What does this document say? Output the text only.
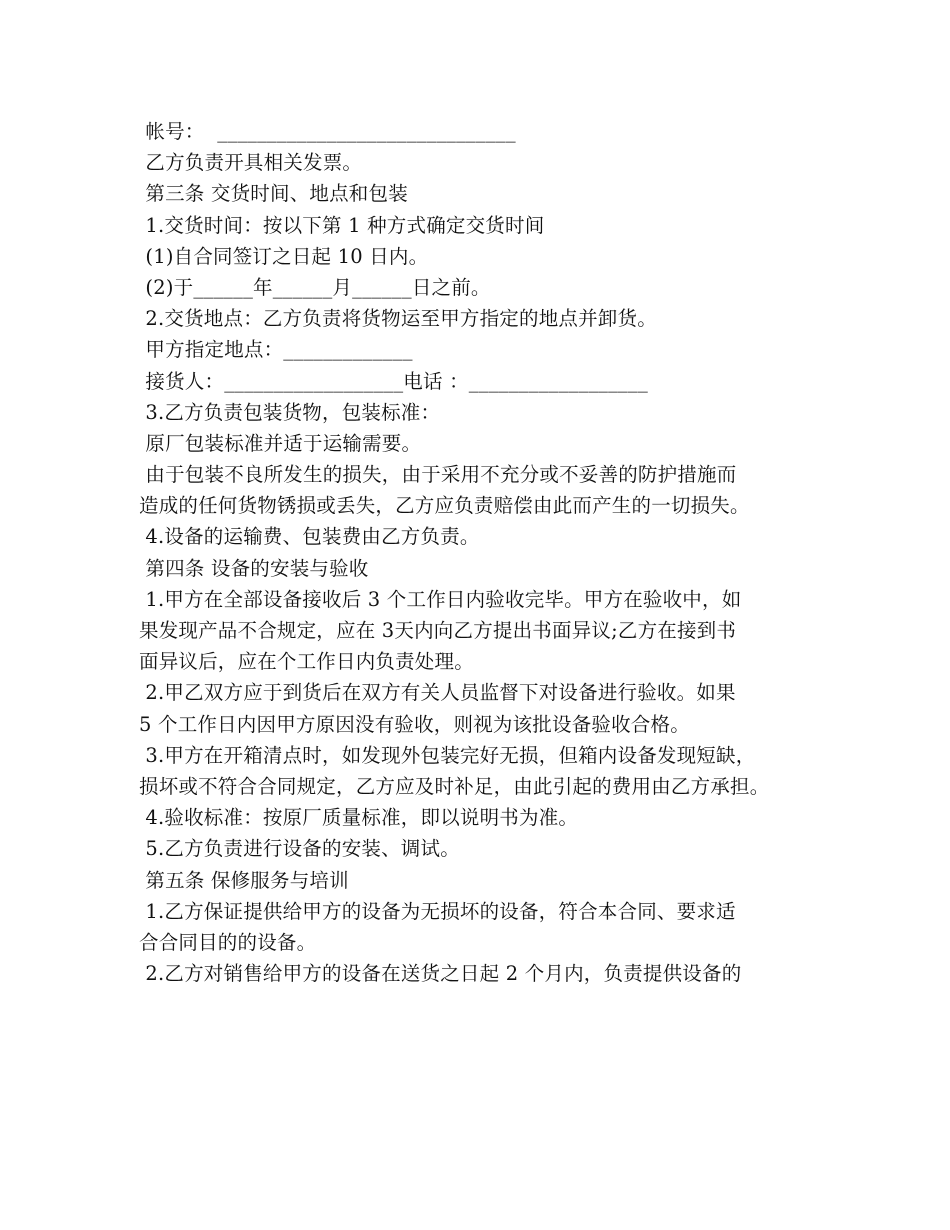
帐号：  ______________________________
乙方负责开具相关发票。
第三条 交货时间、地点和包装
1.交货时间：按以下第 1 种方式确定交货时间
(1)自合同签订之日起 10 日内。
(2)于______年______月______日之前。
2.交货地点：乙方负责将货物运至甲方指定的地点并卸货。
甲方指定地点：_____________
接货人：__________________电话 ：__________________
3.乙方负责包装货物，包装标准：
原厂包装标准并适于运输需要。
由于包装不良所发生的损失，由于采用不充分或不妥善的防护措施而
造成的任何货物锈损或丢失，乙方应负责赔偿由此而产生的一切损失。
4.设备的运输费、包装费由乙方负责。
第四条 设备的安装与验收
1.甲方在全部设备接收后 3 个工作日内验收完毕。甲方在验收中，如
果发现产品不合规定，应在 3天内向乙方提出书面异议;乙方在接到书
面异议后，应在个工作日内负责处理。
2.甲乙双方应于到货后在双方有关人员监督下对设备进行验收。如果
5 个工作日内因甲方原因没有验收，则视为该批设备验收合格。
3.甲方在开箱清点时，如发现外包装完好无损，但箱内设备发现短缺，
损坏或不符合合同规定，乙方应及时补足，由此引起的费用由乙方承担。
4.验收标准：按原厂质量标准，即以说明书为准。
5.乙方负责进行设备的安装、调试。
第五条 保修服务与培训
1.乙方保证提供给甲方的设备为无损坏的设备，符合本合同、要求适
合合同目的的设备。
2.乙方对销售给甲方的设备在送货之日起 2 个月内，负责提供设备的
